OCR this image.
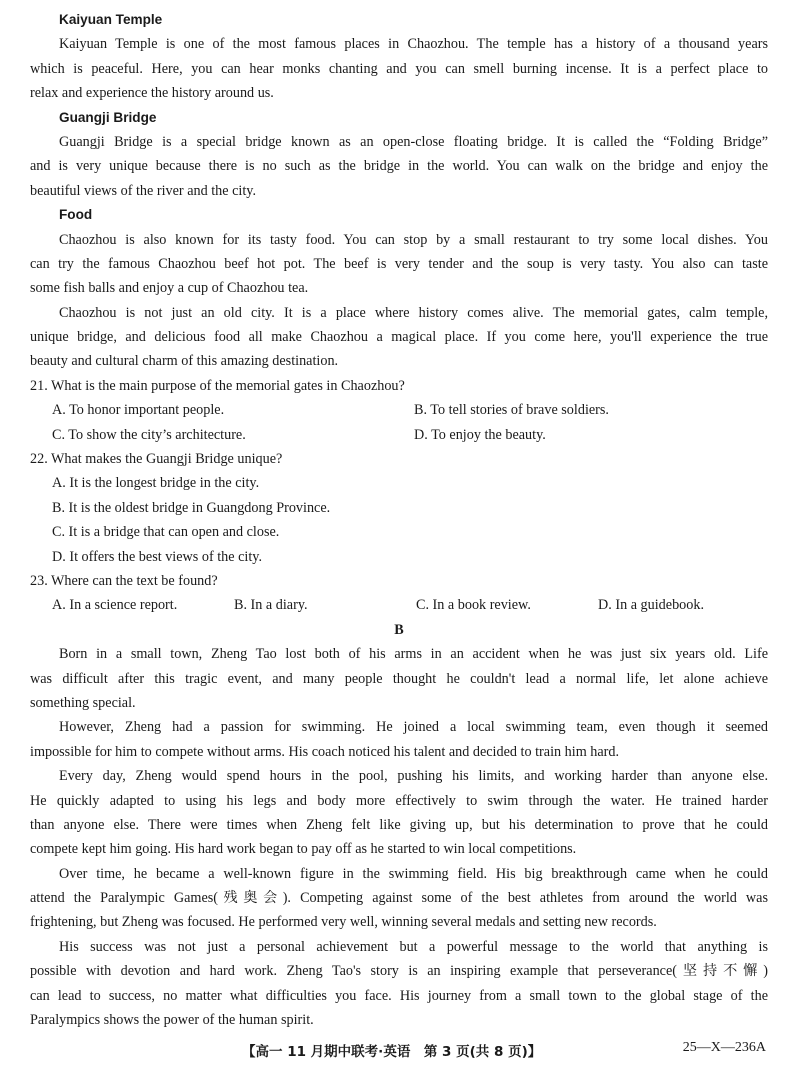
Kaiyuan Temple
Kaiyuan Temple is one of the most famous places in Chaozhou. The temple has a history of a thousand years
which is peaceful. Here, you can hear monks chanting and you can smell burning incense. It is a perfect place to
relax and experience the history around us.
Guangji Bridge
Guangji Bridge is a special bridge known as an open-close floating bridge. It is called the “Folding Bridge”
and is very unique because there is no such as the bridge in the world. You can walk on the bridge and enjoy the
beautiful views of the river and the city.
Food
Chaozhou is also known for its tasty food. You can stop by a small restaurant to try some local dishes. You
can try the famous Chaozhou beef hot pot. The beef is very tender and the soup is very tasty. You also can taste
some fish balls and enjoy a cup of Chaozhou tea.
Chaozhou is not just an old city. It is a place where history comes alive. The memorial gates, calm temple,
unique bridge, and delicious food all make Chaozhou a magical place. If you come here, you'll experience the true
beauty and cultural charm of this amazing destination.
21. What is the main purpose of the memorial gates in Chaozhou?
A. To honor important people.	B. To tell stories of brave soldiers.
C. To show the city’s architecture.	D. To enjoy the beauty.
22. What makes the Guangji Bridge unique?
A. It is the longest bridge in the city.
B. It is the oldest bridge in Guangdong Province.
C. It is a bridge that can open and close.
D. It offers the best views of the city.
23. Where can the text be found?
A. In a science report.	B. In a diary.	C. In a book review.	D. In a guidebook.
B
Born in a small town, Zheng Tao lost both of his arms in an accident when he was just six years old. Life
was difficult after this tragic event, and many people thought he couldn't lead a normal life, let alone achieve
something special.
However, Zheng had a passion for swimming. He joined a local swimming team, even though it seemed
impossible for him to compete without arms. His coach noticed his talent and decided to train him hard.
Every day, Zheng would spend hours in the pool, pushing his limits, and working harder than anyone else.
He quickly adapted to using his legs and body more effectively to swim through the water. He trained harder
than anyone else. There were times when Zheng felt like giving up, but his determination to prove that he could
compete kept him going. His hard work began to pay off as he started to win local competitions.
Over time, he became a well-known figure in the swimming field. His big breakthrough came when he could
attend the Paralympic Games(残奥会). Competing against some of the best athletes from around the world was
frightening, but Zheng was focused. He performed very well, winning several medals and setting new records.
His success was not just a personal achievement but a powerful message to the world that anything is
possible with devotion and hard work. Zheng Tao's story is an inspiring example that perseverance(坚持不懈)
can lead to success, no matter what difficulties you face. His journey from a small town to the global stage of the
Paralympics shows the power of the human spirit.
【高一 11 月期中联考·英语　第 3 页(共 8 页)】	25—X—236A
